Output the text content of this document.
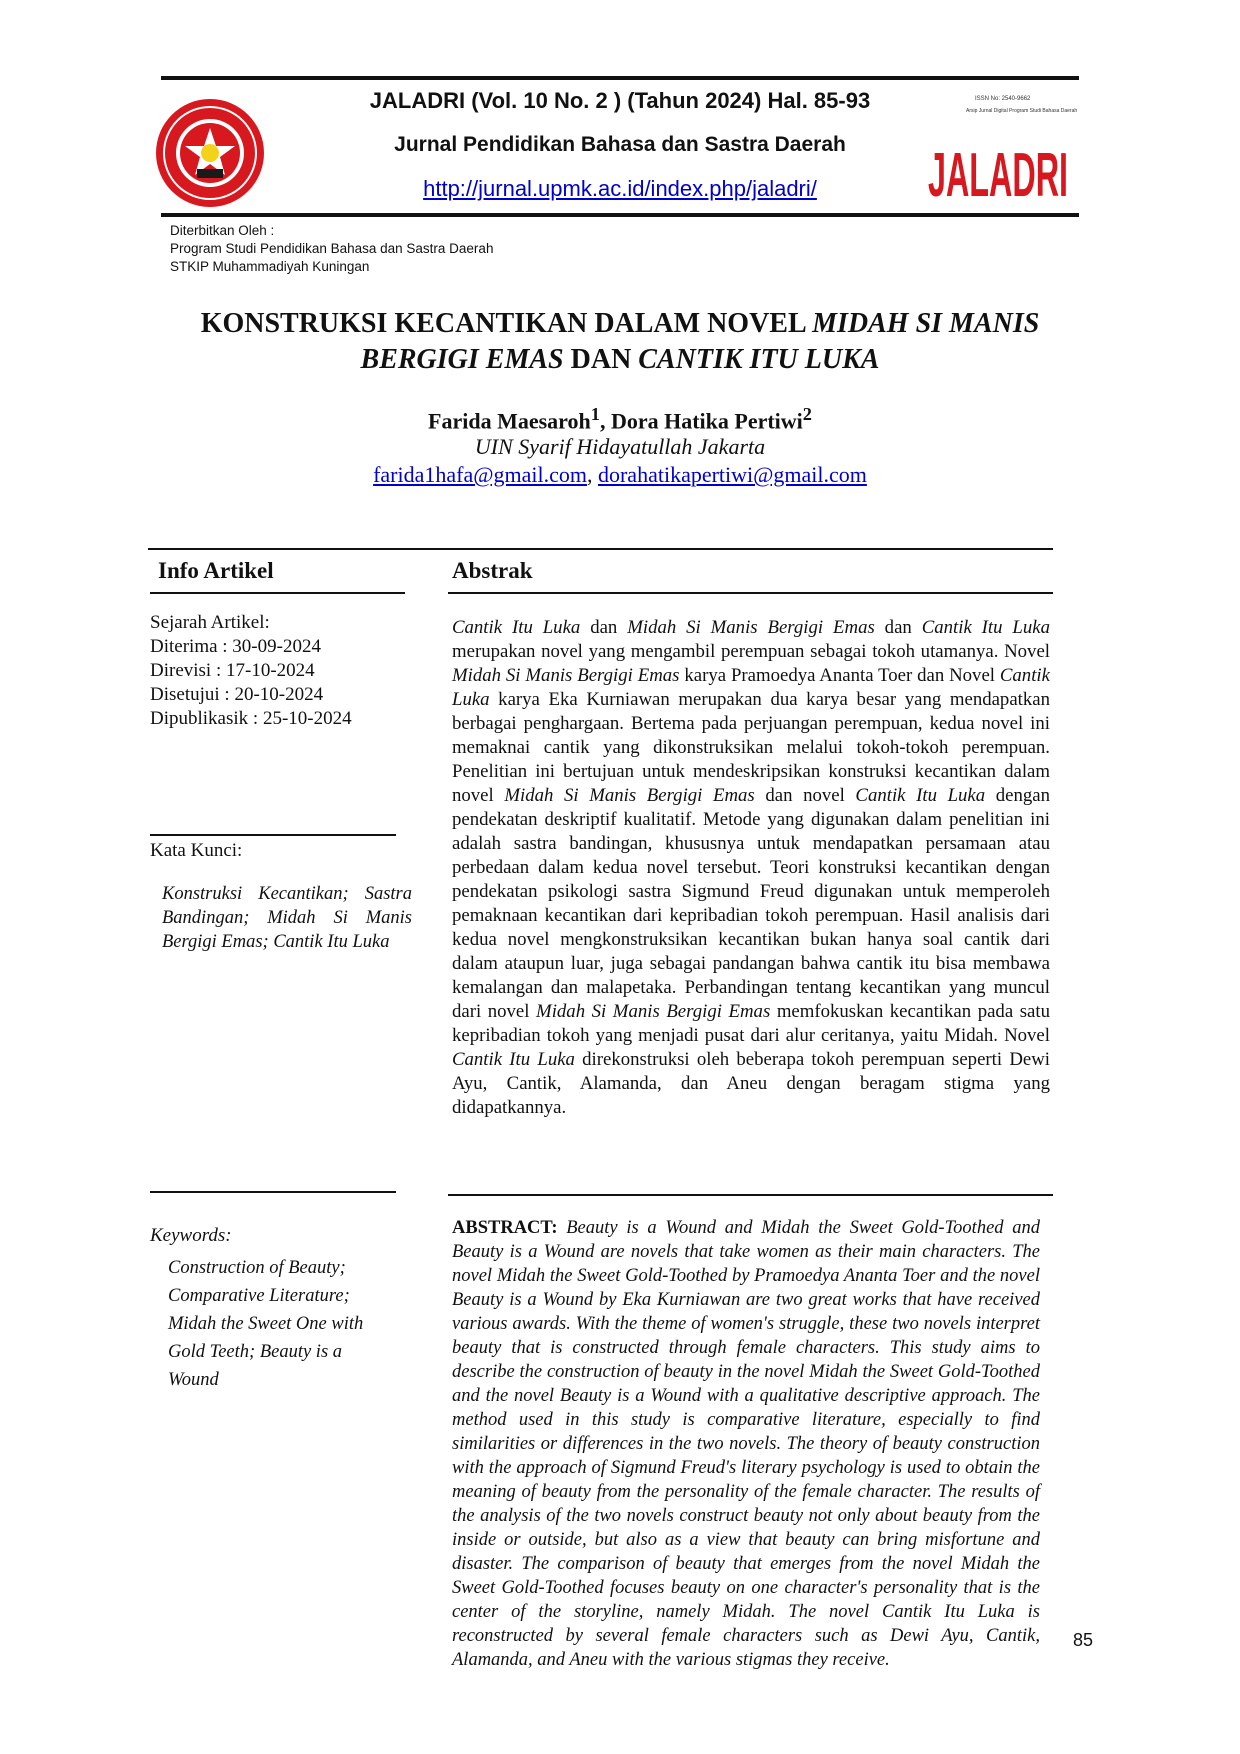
JALADRI (Vol. 10 No. 2 ) (Tahun 2024) Hal. 85-93
Jurnal Pendidikan Bahasa dan Sastra Daerah
http://jurnal.upmk.ac.id/index.php/jaladri/
ISSN No: 2540-9662
Arsip Jurnal Digital Program Studi Bahasa Daerah
JALADRI
Diterbitkan Oleh :
Program Studi Pendidikan Bahasa dan Sastra Daerah
STKIP Muhammadiyah Kuningan
KONSTRUKSI KECANTIKAN DALAM NOVEL MIDAH SI MANIS BERGIGI EMAS DAN CANTIK ITU LUKA
Farida Maesaroh$^1$, Dora Hatika Pertiwi$^2$
UIN Syarif Hidayatullah Jakarta
farida1hafa@gmail.com, dorahatikapertiwi@gmail.com
Info Artikel
Sejarah Artikel:
Diterima : 30-09-2024
Direvisi : 17-10-2024
Disetujui : 20-10-2024
Dipublikasik : 25-10-2024
Kata Kunci:
Konstruksi Kecantikan; Sastra Bandingan; Midah Si Manis Bergigi Emas; Cantik Itu Luka
Keywords:
Construction of Beauty;
Comparative Literature;
Midah the Sweet One with
Gold Teeth; Beauty is a
Wound
Abstrak
Cantik Itu Luka dan Midah Si Manis Bergigi Emas dan Cantik Itu Luka merupakan novel yang mengambil perempuan sebagai tokoh utamanya. Novel Midah Si Manis Bergigi Emas karya Pramoedya Ananta Toer dan Novel Cantik Luka karya Eka Kurniawan merupakan dua karya besar yang mendapatkan berbagai penghargaan. Bertema pada perjuangan perempuan, kedua novel ini memaknai cantik yang dikonstruksikan melalui tokoh-tokoh perempuan. Penelitian ini bertujuan untuk mendeskripsikan konstruksi kecantikan dalam novel Midah Si Manis Bergigi Emas dan novel Cantik Itu Luka dengan pendekatan deskriptif kualitatif. Metode yang digunakan dalam penelitian ini adalah sastra bandingan, khususnya untuk mendapatkan persamaan atau perbedaan dalam kedua novel tersebut. Teori konstruksi kecantikan dengan pendekatan psikologi sastra Sigmund Freud digunakan untuk memperoleh pemaknaan kecantikan dari kepribadian tokoh perempuan. Hasil analisis dari kedua novel mengkonstruksikan kecantikan bukan hanya soal cantik dari dalam ataupun luar, juga sebagai pandangan bahwa cantik itu bisa membawa kemalangan dan malapetaka. Perbandingan tentang kecantikan yang muncul dari novel Midah Si Manis Bergigi Emas memfokuskan kecantikan pada satu kepribadian tokoh yang menjadi pusat dari alur ceritanya, yaitu Midah. Novel Cantik Itu Luka direkonstruksi oleh beberapa tokoh perempuan seperti Dewi Ayu, Cantik, Alamanda, dan Aneu dengan beragam stigma yang didapatkannya.
ABSTRACT: Beauty is a Wound and Midah the Sweet Gold-Toothed and Beauty is a Wound are novels that take women as their main characters. The novel Midah the Sweet Gold-Toothed by Pramoedya Ananta Toer and the novel Beauty is a Wound by Eka Kurniawan are two great works that have received various awards. With the theme of women's struggle, these two novels interpret beauty that is constructed through female characters. This study aims to describe the construction of beauty in the novel Midah the Sweet Gold-Toothed and the novel Beauty is a Wound with a qualitative descriptive approach. The method used in this study is comparative literature, especially to find similarities or differences in the two novels. The theory of beauty construction with the approach of Sigmund Freud's literary psychology is used to obtain the meaning of beauty from the personality of the female character. The results of the analysis of the two novels construct beauty not only about beauty from the inside or outside, but also as a view that beauty can bring misfortune and disaster. The comparison of beauty that emerges from the novel Midah the Sweet Gold-Toothed focuses beauty on one character's personality that is the center of the storyline, namely Midah. The novel Cantik Itu Luka is reconstructed by several female characters such as Dewi Ayu, Cantik, Alamanda, and Aneu with the various stigmas they receive.
85
